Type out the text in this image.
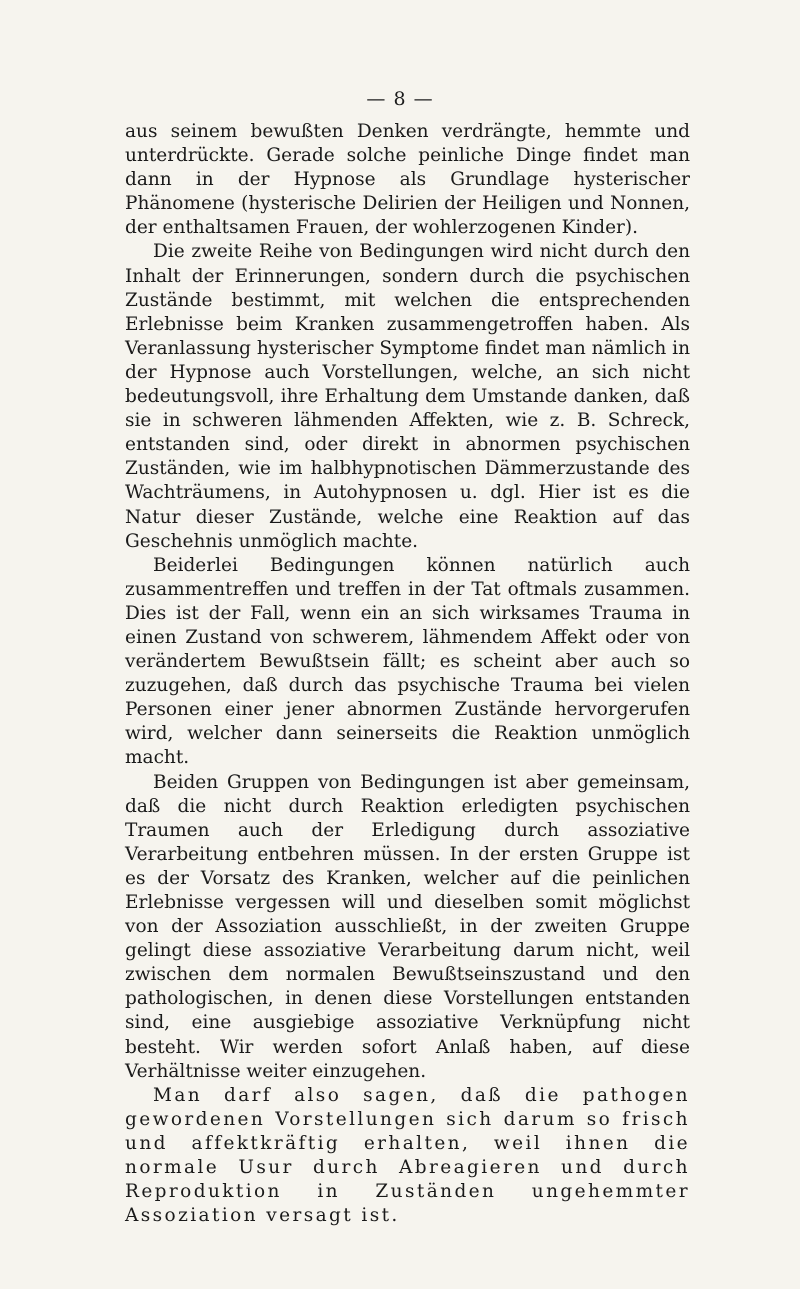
— 8 —

aus seinem bewußten Denken verdrängte, hemmte und unterdrückte. Gerade solche peinliche Dinge findet man dann in der Hypnose als Grundlage hysterischer Phänomene (hysterische Delirien der Heiligen und Nonnen, der enthaltsamen Frauen, der wohlerzogenen Kinder).

Die zweite Reihe von Bedingungen wird nicht durch den Inhalt der Erinnerungen, sondern durch die psychischen Zustände bestimmt, mit welchen die entsprechenden Erlebnisse beim Kranken zusammengetroffen haben. Als Veranlassung hysterischer Symptome findet man nämlich in der Hypnose auch Vorstellungen, welche, an sich nicht bedeutungsvoll, ihre Erhaltung dem Umstande danken, daß sie in schweren lähmenden Affekten, wie z. B. Schreck, entstanden sind, oder direkt in abnormen psychischen Zuständen, wie im halbhypnotischen Dämmerzustande des Wachträumens, in Autohypnosen u. dgl. Hier ist es die Natur dieser Zustände, welche eine Reaktion auf das Geschehnis unmöglich machte.

Beiderlei Bedingungen können natürlich auch zusammentreffen und treffen in der Tat oftmals zusammen. Dies ist der Fall, wenn ein an sich wirksames Trauma in einen Zustand von schwerem, lähmendem Affekt oder von verändertem Bewußtsein fällt; es scheint aber auch so zuzugehen, daß durch das psychische Trauma bei vielen Personen einer jener abnormen Zustände hervorgerufen wird, welcher dann seinerseits die Reaktion unmöglich macht.

Beiden Gruppen von Bedingungen ist aber gemeinsam, daß die nicht durch Reaktion erledigten psychischen Traumen auch der Erledigung durch assoziative Verarbeitung entbehren müssen. In der ersten Gruppe ist es der Vorsatz des Kranken, welcher auf die peinlichen Erlebnisse vergessen will und dieselben somit möglichst von der Assoziation ausschließt, in der zweiten Gruppe gelingt diese assoziative Verarbeitung darum nicht, weil zwischen dem normalen Bewußtseinszustand und den pathologischen, in denen diese Vorstellungen entstanden sind, eine ausgiebige assoziative Verknüpfung nicht besteht. Wir werden sofort Anlaß haben, auf diese Verhältnisse weiter einzugehen.

Man darf also sagen, daß die pathogen gewordenen Vorstellungen sich darum so frisch und affektkräftig erhalten, weil ihnen die normale Usur durch Abreagieren und durch Reproduktion in Zuständen ungehemmter Assoziation versagt ist.
